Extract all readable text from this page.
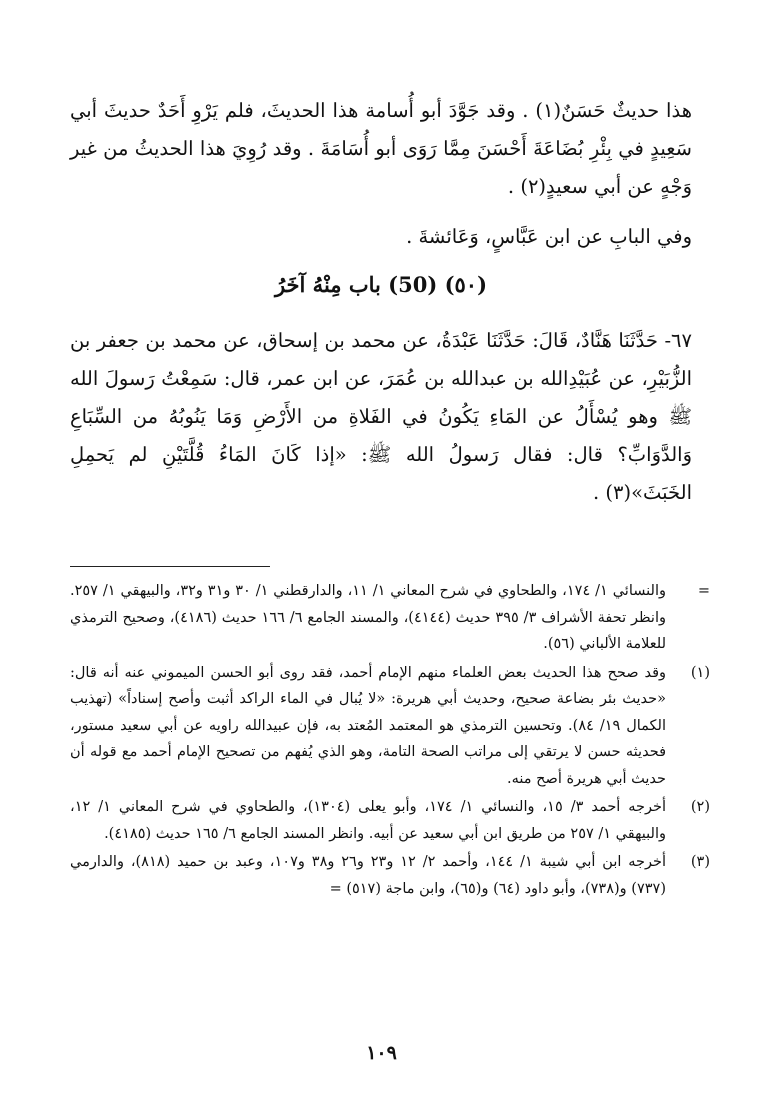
هذا حديثٌ حَسَنٌ(١) . وقد جَوَّدَ أبو أُسامة هذا الحديثَ، فلم يَرْوِ أَحَدٌ حديثَ أبي سَعِيدٍ في بِئْرِ بُضَاعَةَ أَحْسَنَ مِمَّا رَوَى أبو أُسَامَةَ . وقد رُوِيَ هذا الحديثُ من غير وَجْهٍ عن أبي سعيدٍ(٢) .

وفي البابِ عن ابن عَبَّاسٍ، وَعَائشةَ .

(٥٠) (50) باب مِنْهُ آخَرُ

٦٧- حَدَّثَنَا هَنَّادٌ، قَالَ: حَدَّثَنَا عَبْدَةُ، عن محمد بن إسحاق، عن محمد بن جعفر بن الزُّبَيْرِ، عن عُبَيْدِالله بن عبدالله بن عُمَرَ، عن ابن عمر، قال: سَمِعْتُ رَسولَ الله ﷺ وهو يُسْأَلُ عن المَاءِ يَكُونُ في الفَلاةِ من الأَرْضِ وَمَا يَنُوبُهُ من السِّبَاعِ وَالدَّوَابِّ؟ قال: فقال رَسولُ الله ﷺ: «إذا كَانَ المَاءُ قُلَّتَيْنِ لم يَحمِلِ الخَبَثَ»(٣) .

=
والنسائي ١/ ١٧٤، والطحاوي في شرح المعاني ١/ ١١، والدارقطني ١/ ٣٠ و٣١ و٣٢، والبيهقي ١/ ٢٥٧. وانظر تحفة الأشراف ٣/ ٣٩٥ حديث (٤١٤٤)، والمسند الجامع ٦/ ١٦٦ حديث (٤١٨٦)، وصحيح الترمذي للعلامة الألباني (٥٦).
(١)
وقد صحح هذا الحديث بعض العلماء منهم الإمام أحمد، فقد روى أبو الحسن الميموني عنه أنه قال: «حديث بئر بضاعة صحيح، وحديث أبي هريرة: «لا يُبال في الماء الراكد أثبت وأصح إسناداً» (تهذيب الكمال ١٩/ ٨٤). وتحسين الترمذي هو المعتمد المُعتد به، فإن عبيدالله راويه عن أبي سعيد مستور، فحديثه حسن لا يرتقي إلى مراتب الصحة التامة، وهو الذي يُفهم من تصحيح الإمام أحمد مع قوله أن حديث أبي هريرة أصح منه.
(٢)
أخرجه أحمد ٣/ ١٥، والنسائي ١/ ١٧٤، وأبو يعلى (١٣٠٤)، والطحاوي في شرح المعاني ١/ ١٢، والبيهقي ١/ ٢٥٧ من طريق ابن أبي سعيد عن أبيه. وانظر المسند الجامع ٦/ ١٦٥ حديث (٤١٨٥).
(٣)
أخرجه ابن أبي شيبة ١/ ١٤٤، وأحمد ٢/ ١٢ و٢٣ و٢٦ و٣٨ و١٠٧، وعبد بن حميد (٨١٨)، والدارمي (٧٣٧) و(٧٣٨)، وأبو داود (٦٤) و(٦٥)، وابن ماجة (٥١٧) =
١٠٩
